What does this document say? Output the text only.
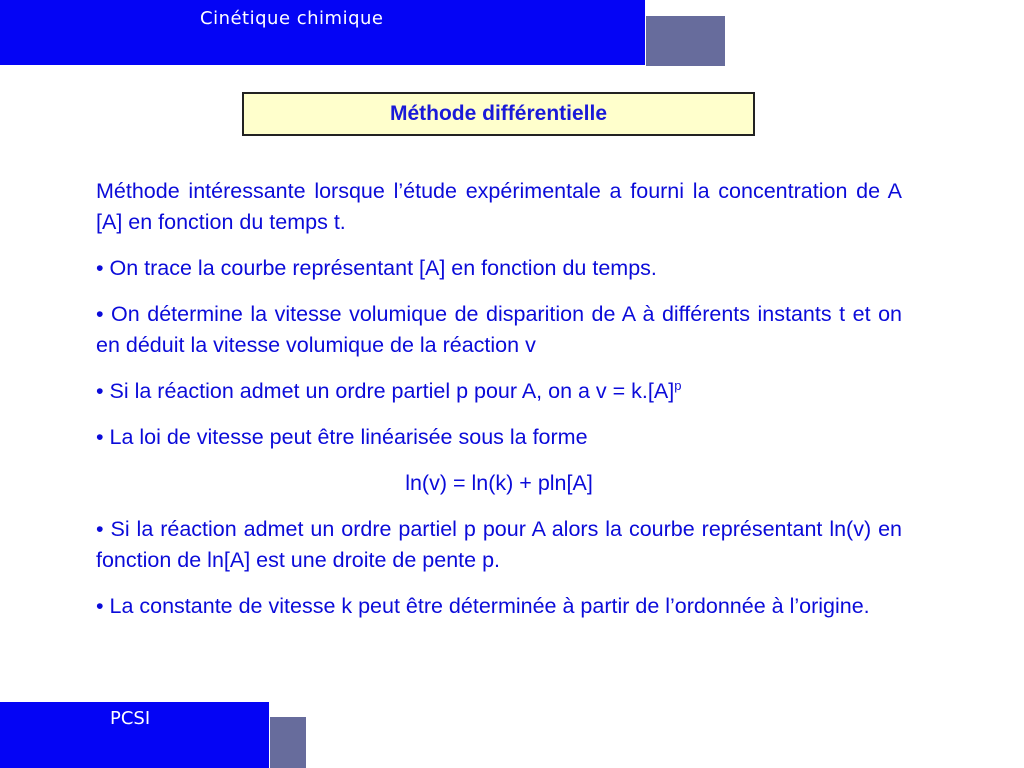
Cinétique chimique
Méthode différentielle

Méthode intéressante lorsque l’étude expérimentale a fourni la concentration de A [A] en fonction du temps t.

• On trace la courbe représentant [A] en fonction du temps.

• On détermine la vitesse volumique de disparition de A à différents instants t et on en déduit la vitesse volumique de la réaction v

• Si la réaction admet un ordre partiel p pour A, on a $v = k.[A]^p$

• La loi de vitesse peut être linéarisée sous la forme

ln(v) = ln(k) + pln[A]

• Si la réaction admet un ordre partiel p pour A alors la courbe représentant ln(v) en fonction de ln[A] est une droite de pente p.

• La constante de vitesse k peut être déterminée à partir de l’ordonnée à l’origine.

PCSI
